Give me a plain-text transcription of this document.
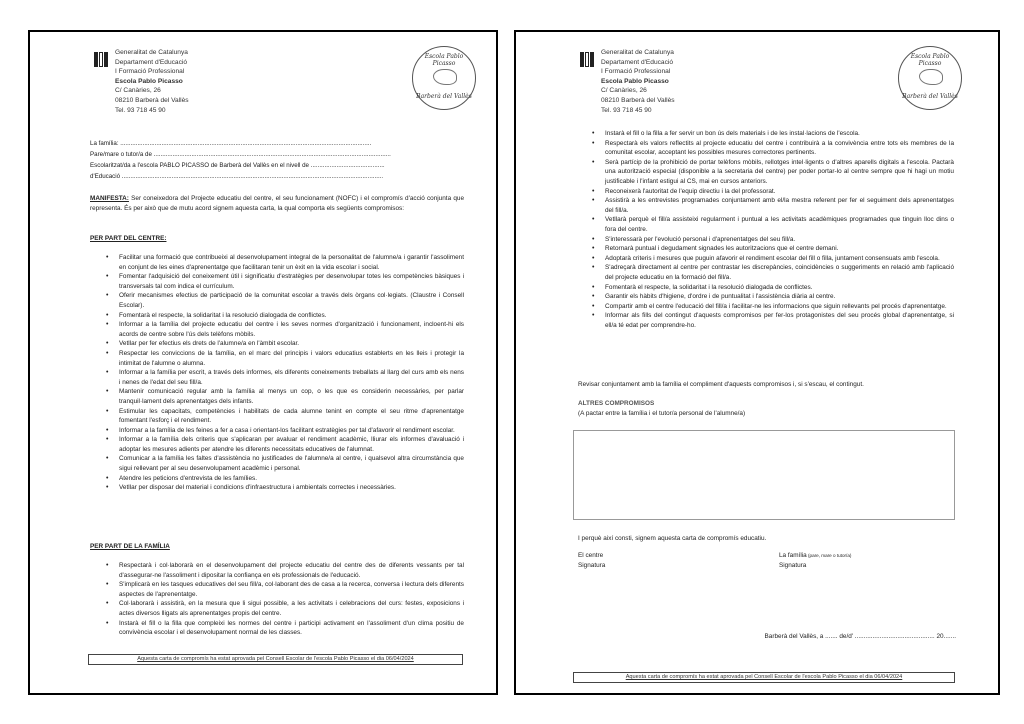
Generalitat de Catalunya
Departament d'Educació
I Formació Professional
Escola Pablo Picasso
C/ Canàries, 26
08210 Barberà del Vallès
Tel. 93 718 45 90
Escola Pablo Picasso
Barberà del Vallès
La família: ..................................................................................................................................................
Pare/mare o tutor/a de ..........................................................................................................................................
Escolaritzat/da a l'escola PABLO PICASSO de Barberà del Vallès en el nivell de ...........................................
d'Educació ........................................................................................................................................................
MANIFESTA: Ser coneixedora del Projecte educatiu del centre, el seu funcionament (NOFC) i el compromís d'acció conjunta que representa. És per això que de mutu acord signem aquesta carta, la qual comporta els següents compromisos:
PER PART DEL CENTRE:
• Facilitar una formació que contribueixi al desenvolupament integral de la personalitat de l'alumne/a i garantir l'assoliment en conjunt de les eines d'aprenentatge que facilitaran tenir un èxit en la vida escolar i social.
• Fomentar l'adquisició del coneixement útil i significatiu d'estratègies per desenvolupar totes les competències bàsiques i transversals tal com indica el currículum.
• Oferir mecanismes efectius de participació de la comunitat escolar a través dels òrgans col·legiats. (Claustre i Consell Escolar).
• Fomentarà el respecte, la solidaritat i la resolució dialogada de conflictes.
• Informar a la família del projecte educatiu del centre i les seves normes d'organització i funcionament, incloent-hi els acords de centre sobre l'ús dels telèfons mòbils.
• Vetllar per fer efectius els drets de l'alumne/a en l'àmbit escolar.
• Respectar les conviccions de la família, en el marc del principis i valors educatius establerts en les lleis i protegir la intimitat de l'alumne o alumna.
• Informar a la família per escrit, a través dels informes, els diferents coneixements treballats al llarg del curs amb els nens i nenes de l'edat del seu fill/a.
• Mantenir comunicació regular amb la família al menys un cop, o les que es considerin necessàries, per parlar tranquil·lament dels aprenentatges dels infants.
• Estimular les capacitats, competències i habilitats de cada alumne tenint en compte el seu ritme d'aprenentatge fomentant l'esforç i el rendiment.
• Informar a la família de les feines a fer a casa i orientant-los facilitant estratègies per tal d'afavorir el rendiment escolar.
• Informar a la família dels criteris que s'aplicaran per avaluar el rendiment acadèmic, lliurar els informes d'avaluació i adoptar les mesures adients per atendre les diferents necessitats educatives de l'alumnat.
• Comunicar a la família les faltes d'assistència no justificades de l'alumne/a al centre, i qualsevol altra circumstància que sigui rellevant per al seu desenvolupament acadèmic i personal.
• Atendre les peticions d'entrevista de les famílies.
• Vetllar per disposar del material i condicions d'infraestructura i ambientals correctes i necessàries.
PER PART DE LA FAMÍLIA
• Respectarà i col·laborarà en el desenvolupament del projecte educatiu del centre des de diferents vessants per tal d'assegurar-ne l'assoliment i dipositar la confiança en els professionals de l'educació.
• S'implicarà en les tasques educatives del seu fill/a, col·laborant des de casa a la recerca, conversa i lectura dels diferents aspectes de l'aprenentatge.
• Col·laborarà i assistirà, en la mesura que li sigui possible, a les activitats i celebracions del curs: festes, exposicions i actes diversos lligats als aprenentatges propis del centre.
• Instarà el fill o la filla que compleixi les normes del centre i participi activament en l'assoliment d'un clima positiu de convivència escolar i el desenvolupament normal de les classes.
Aquesta carta de compromís ha estat aprovada pel Consell Escolar de l'escola Pablo Picasso el dia 06/04/2024
Generalitat de Catalunya
Departament d'Educació
I Formació Professional
Escola Pablo Picasso
C/ Canàries, 26
08210 Barberà del Vallès
Tel. 93 718 45 90
Escola Pablo Picasso
Barberà del Vallès
• Instarà el fill o la filla a fer servir un bon ús dels materials i de les instal·lacions de l'escola.
• Respectarà els valors reflectits al projecte educatiu del centre i contribuirà a la convivència entre tots els membres de la comunitat escolar, acceptant les possibles mesures correctores pertinents.
• Serà partícip de la prohibició de portar telèfons mòbils, rellotges intel·ligents o d'altres aparells digitals a l'escola. Pactarà una autorització especial (disponible a la secretaria del centre) per poder portar-lo al centre sempre que hi hagi un motiu justificable i l'infant estigui al CS, mai en cursos anteriors.
• Reconeixerà l'autoritat de l'equip directiu i la del professorat.
• Assistirà a les entrevistes programades conjuntament amb el/la mestra referent per fer el seguiment dels aprenentatges del fill/a.
• Vetllarà perquè el fill/a assisteixi regularment i puntual a les activitats acadèmiques programades que tinguin lloc dins o fora del centre.
• S'interessarà per l'evolució personal i d'aprenentatges del seu fill/a.
• Retornarà puntual i degudament signades les autoritzacions que el centre demani.
• Adoptarà criteris i mesures que puguin afavorir el rendiment escolar del fill o filla, juntament consensuats amb l'escola.
• S'adreçarà directament al centre per contrastar les discrepàncies, coincidències o suggeriments en relació amb l'aplicació del projecte educatiu en la formació del fill/a.
• Fomentarà el respecte, la solidaritat i la resolució dialogada de conflictes.
• Garantir els hàbits d'higiene, d'ordre i de puntualitat i l'assistència diària al centre.
• Compartir amb el centre l'educació del fill/a i facilitar-ne les informacions que siguin rellevants pel procés d'aprenentatge.
• Informar als fills del contingut d'aquests compromisos per fer-los protagonistes del seu procés global d'aprenentatge, si ell/a té edat per comprendre-ho.
Revisar conjuntament amb la família el compliment d'aquests compromisos i, si s'escau, el contingut.
ALTRES COMPROMISOS
(A pactar entre la família i el tutor/a personal de l'alumne/a)
I perquè així consti, signem aquesta carta de compromís educatiu.
El centre
Signatura
La família (pare, mare o tutor/a)
Signatura
Barberà del Vallès, a ....... de/d' ............................................. 20.......
Aquesta carta de compromís ha estat aprovada pel Consell Escolar de l'escola Pablo Picasso el dia 06/04/2024
